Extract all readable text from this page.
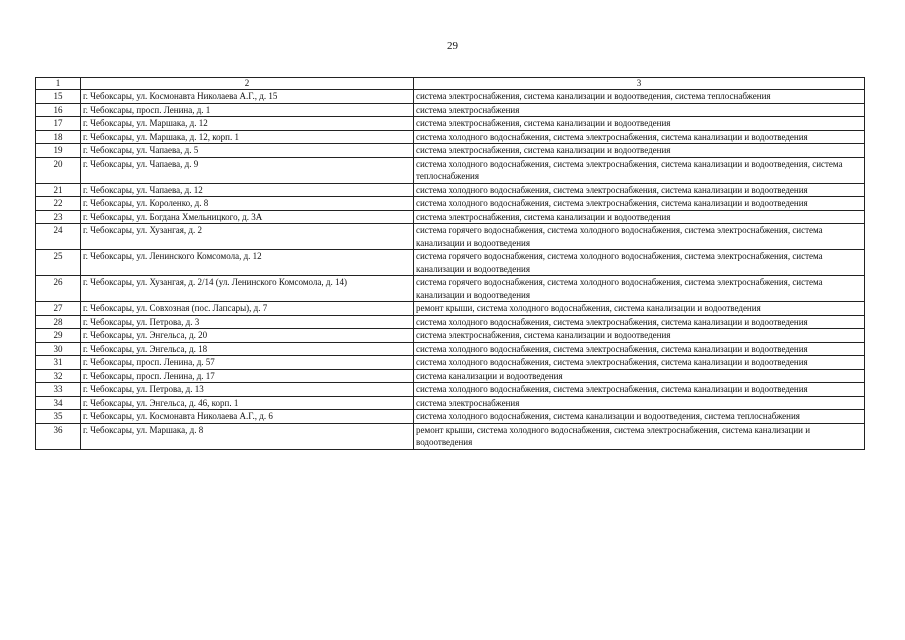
29
1	2	3
15	г. Чебоксары, ул. Космонавта Николаева А.Г., д. 15	система электроснабжения, система канализации и водоотведения, система теплоснабжения
16	г. Чебоксары, просп. Ленина, д. 1	система электроснабжения
17	г. Чебоксары, ул. Маршака, д. 12	система электроснабжения, система канализации и водоотведения
18	г. Чебоксары, ул. Маршака, д. 12, корп. 1	система холодного водоснабжения, система электроснабжения, система канализации и водоотведения
19	г. Чебоксары, ул. Чапаева, д. 5	система электроснабжения, система канализации и водоотведения
20	г. Чебоксары, ул. Чапаева, д. 9	система холодного водоснабжения, система электроснабжения, система канализации и водоотведения, система теплоснабжения
21	г. Чебоксары, ул. Чапаева, д. 12	система холодного водоснабжения, система электроснабжения, система канализации и водоотведения
22	г. Чебоксары, ул. Короленко, д. 8	система холодного водоснабжения, система электроснабжения, система канализации и водоотведения
23	г. Чебоксары, ул. Богдана Хмельницкого, д. 3А	система электроснабжения, система канализации и водоотведения
24	г. Чебоксары, ул. Хузангая, д. 2	система горячего водоснабжения, система холодного водоснабжения, система электроснабжения, система канализации и водоотведения
25	г. Чебоксары, ул. Ленинского Комсомола, д. 12	система горячего водоснабжения, система холодного водоснабжения, система электроснабжения, система канализации и водоотведения
26	г. Чебоксары, ул. Хузангая, д. 2/14 (ул. Ленинского Комсомола, д. 14)	система горячего водоснабжения, система холодного водоснабжения, система электроснабжения, система канализации и водоотведения
27	г. Чебоксары, ул. Совхозная (пос. Лапсары), д. 7	ремонт крыши, система холодного водоснабжения, система канализации и водоотведения
28	г. Чебоксары, ул. Петрова, д. 3	система холодного водоснабжения, система электроснабжения, система канализации и водоотведения
29	г. Чебоксары, ул. Энгельса, д. 20	система электроснабжения, система канализации и водоотведения
30	г. Чебоксары, ул. Энгельса, д. 18	система холодного водоснабжения, система электроснабжения, система канализации и водоотведения
31	г. Чебоксары, просп. Ленина, д. 57	система холодного водоснабжения, система электроснабжения, система канализации и водоотведения
32	г. Чебоксары, просп. Ленина, д. 17	система канализации и водоотведения
33	г. Чебоксары, ул. Петрова, д. 13	система холодного водоснабжения, система электроснабжения, система канализации и водоотведения
34	г. Чебоксары, ул. Энгельса, д. 46, корп. 1	система электроснабжения
35	г. Чебоксары, ул. Космонавта Николаева А.Г., д. 6	система холодного водоснабжения, система канализации и водоотведения, система теплоснабжения
36	г. Чебоксары, ул. Маршака, д. 8	ремонт крыши, система холодного водоснабжения, система электроснабжения, система канализации и водоотведения
